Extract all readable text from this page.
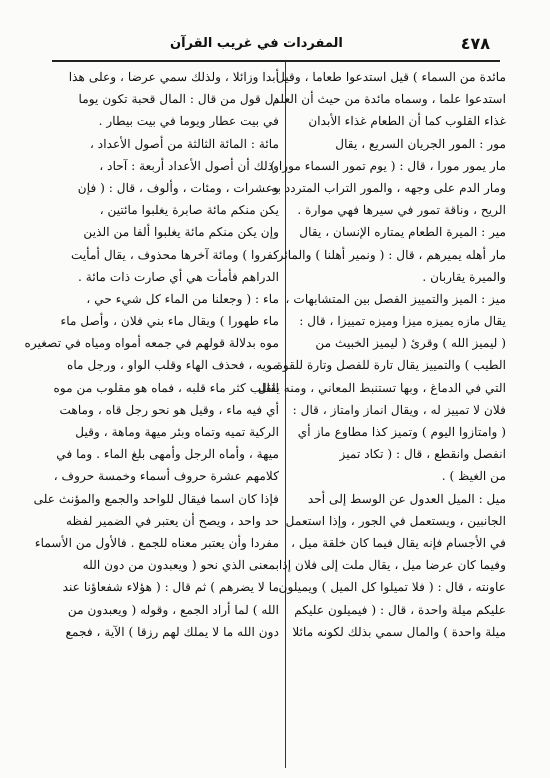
٤٧٨
المفردات في غريب القرآن

مائدة من السماء ) قيل استدعوا طعاما ، وقيل

استدعوا علما ، وسماه مائدة من حيث أن العلم

غذاء القلوب كما أن الطعام غذاء الأبدان

مور : المور الجريان السريع ، يقال

مار يمور مورا ، قال : ( يوم تمور السماء مورا )

ومار الدم على وجهه ، والمور التراب المتردد به

الريح ، وناقة تمور في سيرها فهي موارة .

مير : الميرة الطعام يمتاره الإنسان ، يقال

مار أهله يميرهم ، قال : ( ونمير أهلنا ) والمائر

والميرة يقاربان .

ميز : الميز والتمييز الفصل بين المتشابهات ،

يقال مازه يميزه ميزا وميزه تمييزا ، قال :

( ليميز الله ) وقرئ ( ليميز الخبيث من

الطيب ) والتمييز يقال تارة للفصل وتارة للقوة

التي في الدماغ ، وبها تستنبط المعاني ، ومنه يقال

فلان لا تمييز له ، ويقال انماز وامتاز ، قال :

( وامتازوا اليوم ) وتميز كذا مطاوع ماز أي

انفصل وانقطع ، قال : ( تكاد تميز

من الغيظ ) .

ميل : الميل العدول عن الوسط إلى أحد

الجانبين ، ويستعمل في الجور ، وإذا استعمل

في الأجسام فإنه يقال فيما كان خلقة ميل ،

وفيما كان عرضا ميل ، يقال ملت إلى فلان إذا

عاونته ، قال : ( فلا تميلوا كل الميل ) ويميلون

عليكم ميلة واحدة ، قال : ( فيميلون عليكم

ميلة واحدة ) والمال سمي بذلك لكونه مائلا

أبدا وزائلا ، ولذلك سمي عرضا ، وعلى هذا

دل قول من قال : المال قحبة تكون يوما

في بيت عطار ويوما في بيت بيطار .

مائة : المائة الثالثة من أصول الأعداد ،

وذلك أن أصول الأعداد أربعة : آحاد ،

وعشرات ، ومئات ، وألوف ، قال : ( فإن

يكن منكم مائة صابرة يغلبوا مائتين ،

وإن يكن منكم مائة يغلبوا ألفا من الذين

كفروا ) ومائة آخرها محذوف ، يقال أمأيت

الدراهم فأمأت هي أي صارت ذات مائة .

ماء : ( وجعلنا من الماء كل شيء حي ،

ماء طهورا ) ويقال ماء بني فلان ، وأصل ماء

موه بدلالة قولهم في جمعه أمواه ومياه في تصغيره

مويه ، فحذف الهاء وقلب الواو ، ورجل ماه

القلب كثر ماء قلبه ، فماه هو مقلوب من موه

أي فيه ماء ، وقيل هو نحو رجل قاه ، وماهت

الركية تميه وتماه وبئر ميهة وماهة ، وقيل

ميهة ، وأماه الرجل وأمهى بلغ الماء . وما في

كلامهم عشرة حروف أسماء وخمسة حروف ،

فإذا كان اسما فيقال للواحد والجمع والمؤنث على

حد واحد ، ويصح أن يعتبر في الضمير لفظه

مفردا وأن يعتبر معناه للجمع . فالأول من الأسماء

بمعنى الذي نحو ( ويعبدون من دون الله

ما لا يضرهم ) ثم قال : ( هؤلاء شفعاؤنا عند

الله ) لما أراد الجمع ، وقوله ( ويعبدون من

دون الله ما لا يملك لهم رزقا ) الآية ، فجمع
